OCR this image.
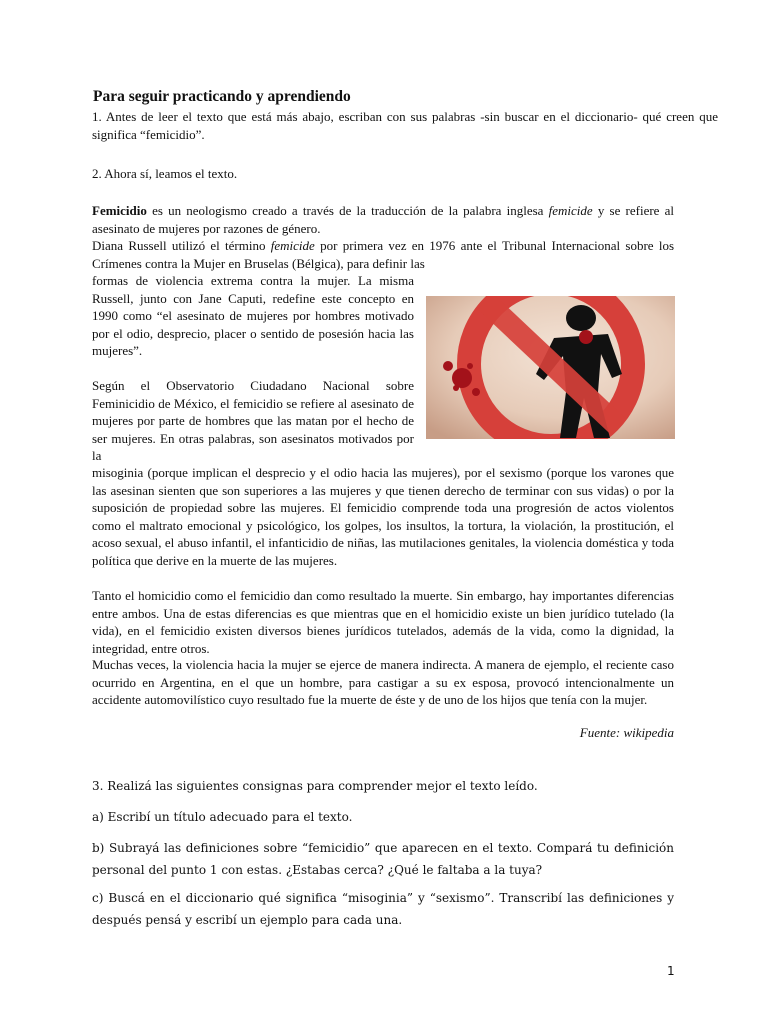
Para seguir practicando y aprendiendo
1. Antes de leer el texto que está más abajo, escriban con sus palabras -sin buscar en el diccionario- qué creen que significa “femicidio”.
2. Ahora sí, leamos el texto.
Femicidio es un neologismo creado a través de la traducción de la palabra inglesa femicide y se refiere al asesinato de mujeres por razones de género.
Diana Russell utilizó el término femicide por primera vez en 1976 ante el Tribunal Internacional sobre los Crímenes contra la Mujer en Bruselas (Bélgica), para definir las
formas de violencia extrema contra la mujer. La misma Russell, junto con Jane Caputi, redefine este concepto en 1990 como “el asesinato de mujeres por hombres motivado por el odio, desprecio, placer o sentido de posesión hacia las mujeres”.
Según el Observatorio Ciudadano Nacional sobre Feminicidio de México, el femicidio se refiere al asesinato de mujeres por parte de hombres que las matan por el hecho de ser mujeres. En otras palabras, son asesinatos motivados por la
misoginia (porque implican el desprecio y el odio hacia las mujeres), por el sexismo (porque los varones que las asesinan sienten que son superiores a las mujeres y que tienen derecho de terminar con sus vidas) o por la suposición de propiedad sobre las mujeres. El femicidio comprende toda una progresión de actos violentos como el maltrato emocional y psicológico, los golpes, los insultos, la tortura, la violación, la prostitución, el acoso sexual, el abuso infantil, el infanticidio de niñas, las mutilaciones genitales, la violencia doméstica y toda política que derive en la muerte de las mujeres.
Tanto el homicidio como el femicidio dan como resultado la muerte. Sin embargo, hay importantes diferencias entre ambos. Una de estas diferencias es que mientras que en el homicidio existe un bien jurídico tutelado (la vida), en el femicidio existen diversos bienes jurídicos tutelados, además de la vida, como la dignidad, la integridad, entre otros.
Muchas veces, la violencia hacia la mujer se ejerce de manera indirecta. A manera de ejemplo, el reciente caso ocurrido en Argentina, en el que un hombre, para castigar a su ex esposa, provocó intencionalmente un accidente automovilístico cuyo resultado fue la muerte de éste y de uno de los hijos que tenía con la mujer.
Fuente: wikipedia
3. Realizá las siguientes consignas para comprender mejor el texto leído.
a) Escribí un título adecuado para el texto.
b) Subrayá las definiciones sobre “femicidio” que aparecen en el texto. Compará tu definición personal del punto 1 con estas. ¿Estabas cerca? ¿Qué le faltaba a la tuya?
c) Buscá en el diccionario qué significa “misoginia” y “sexismo”. Transcribí las definiciones y después pensá y escribí un ejemplo para cada una.
1
